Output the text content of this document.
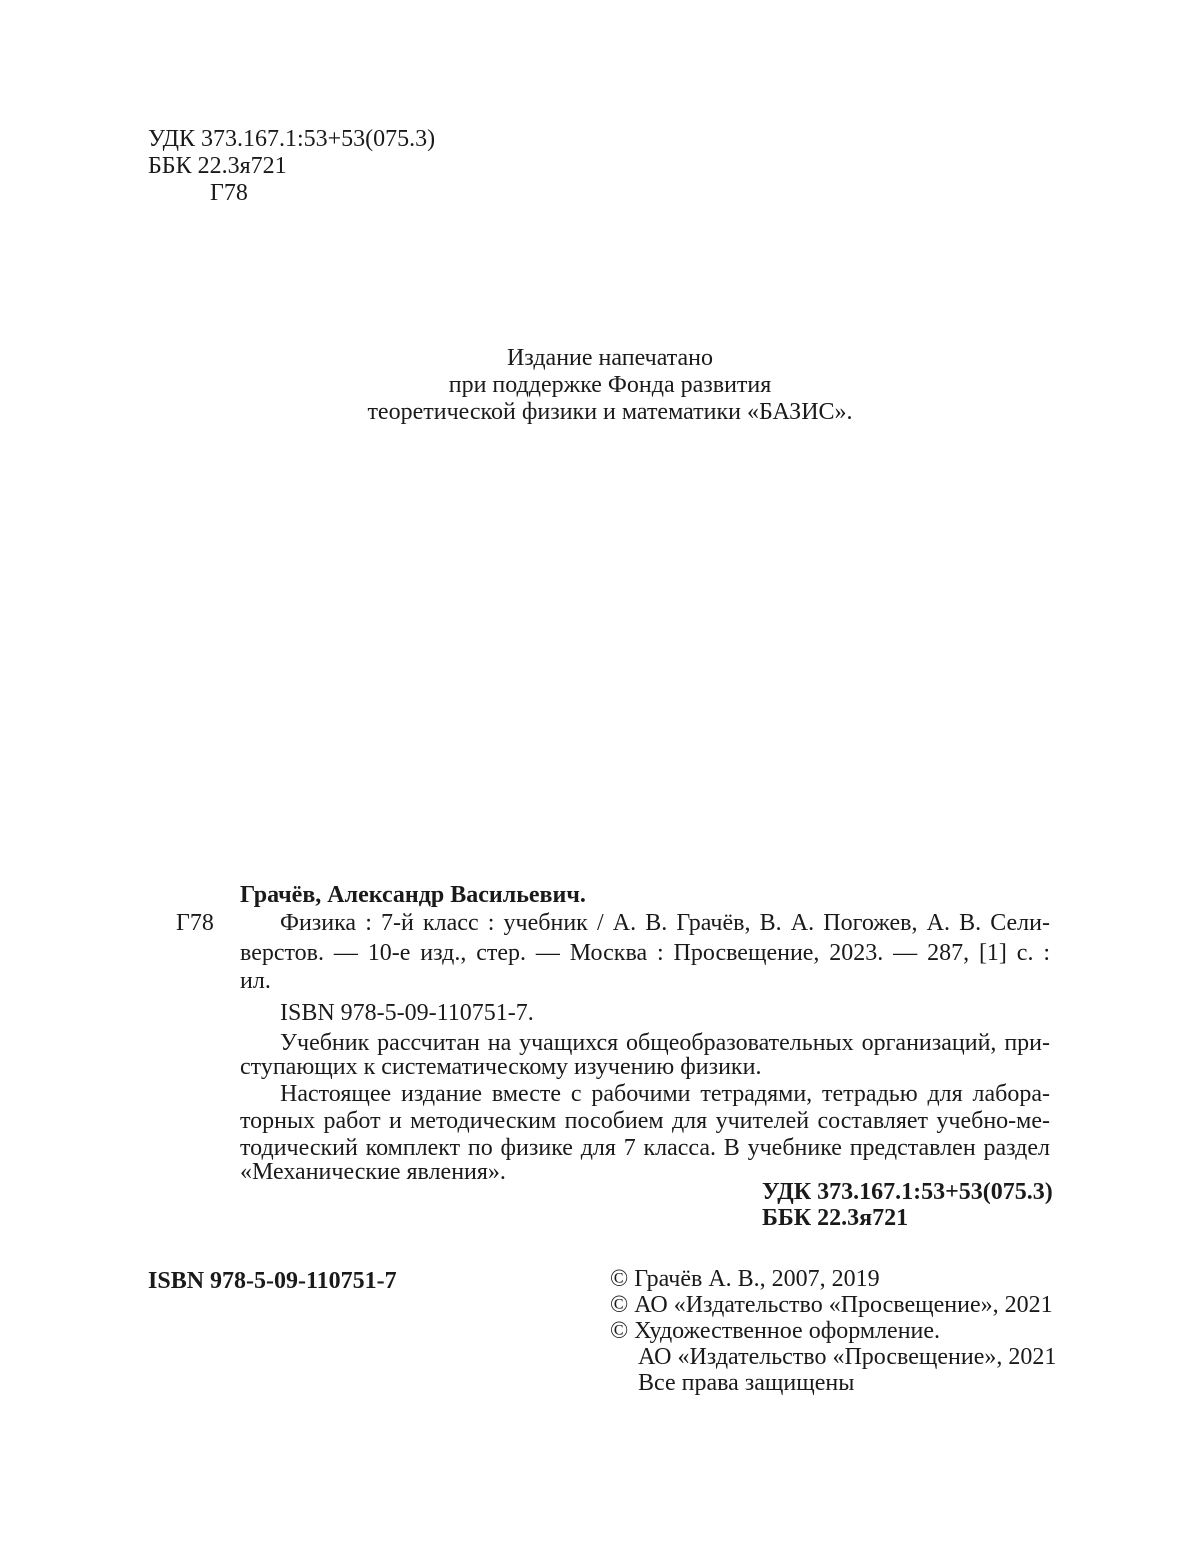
УДК 373.167.1:53+53(075.3)
ББК 22.3я721
Г78
Издание напечатано
при поддержке Фонда развития
теоретической физики и математики «БАЗИС».
Грачёв, Александр Васильевич.
Г78	Физика : 7-й класс : учебник / А. В. Грачёв, В. А. Погожев, А. В. Сели-
верстов. — 10-е изд., стер. — Москва : Просвещение, 2023. — 287, [1] с. :
ил.
ISBN 978-5-09-110751-7.
Учебник рассчитан на учащихся общеобразовательных организаций, при-
ступающих к систематическому изучению физики.
Настоящее издание вместе с рабочими тетрадями, тетрадью для лабора-
торных работ и методическим пособием для учителей составляет учебно-ме-
тодический комплект по физике для 7 класса. В учебнике представлен раздел
«Механические явления».
УДК 373.167.1:53+53(075.3)
ББК 22.3я721
ISBN 978-5-09-110751-7	© Грачёв А. В., 2007, 2019
© АО «Издательство «Просвещение», 2021
© Художественное оформление.
АО «Издательство «Просвещение», 2021
Все права защищены
